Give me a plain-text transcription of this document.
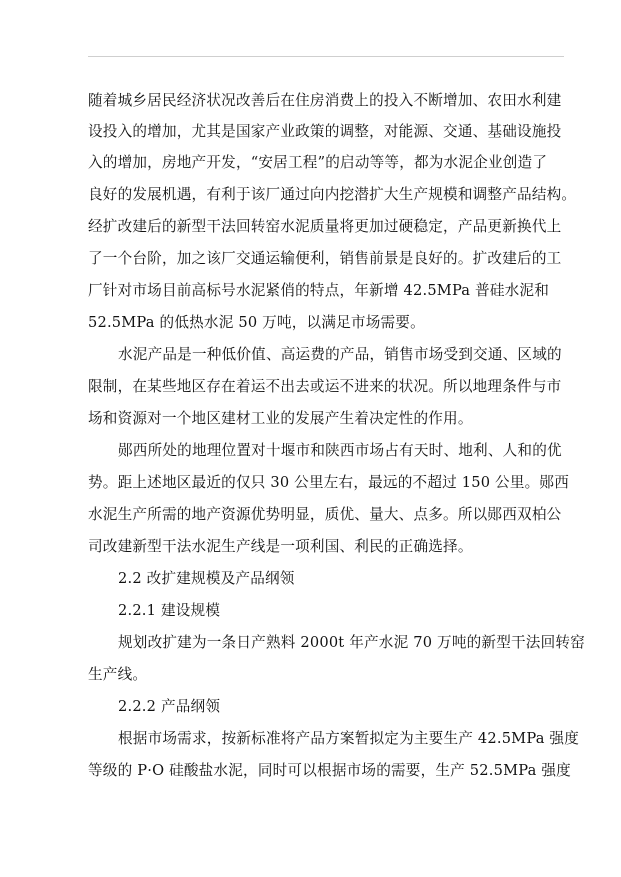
随着城乡居民经济状况改善后在住房消费上的投入不断增加、农田水利建
设投入的增加，尤其是国家产业政策的调整，对能源、交通、基础设施投
入的增加，房地产开发，“安居工程”的启动等等，都为水泥企业创造了
良好的发展机遇，有利于该厂通过向内挖潜扩大生产规模和调整产品结构。
经扩改建后的新型干法回转窑水泥质量将更加过硬稳定，产品更新换代上
了一个台阶，加之该厂交通运输便利，销售前景是良好的。扩改建后的工
厂针对市场目前高标号水泥紧俏的特点，年新增 42.5MPa 普硅水泥和
52.5MPa 的低热水泥 50 万吨，以满足市场需要。
水泥产品是一种低价值、高运费的产品，销售市场受到交通、区域的
限制，在某些地区存在着运不出去或运不进来的状况。所以地理条件与市
场和资源对一个地区建材工业的发展产生着决定性的作用。
郧西所处的地理位置对十堰市和陕西市场占有天时、地利、人和的优
势。距上述地区最近的仅只 30 公里左右，最远的不超过 150 公里。郧西
水泥生产所需的地产资源优势明显，质优、量大、点多。所以郧西双柏公
司改建新型干法水泥生产线是一项利国、利民的正确选择。
2.2 改扩建规模及产品纲领
2.2.1 建设规模
规划改扩建为一条日产熟料 2000t 年产水泥 70 万吨的新型干法回转窑
生产线。
2.2.2 产品纲领
根据市场需求，按新标准将产品方案暂拟定为主要生产 42.5MPa 强度
等级的 P·O 硅酸盐水泥，同时可以根据市场的需要，生产 52.5MPa 强度
